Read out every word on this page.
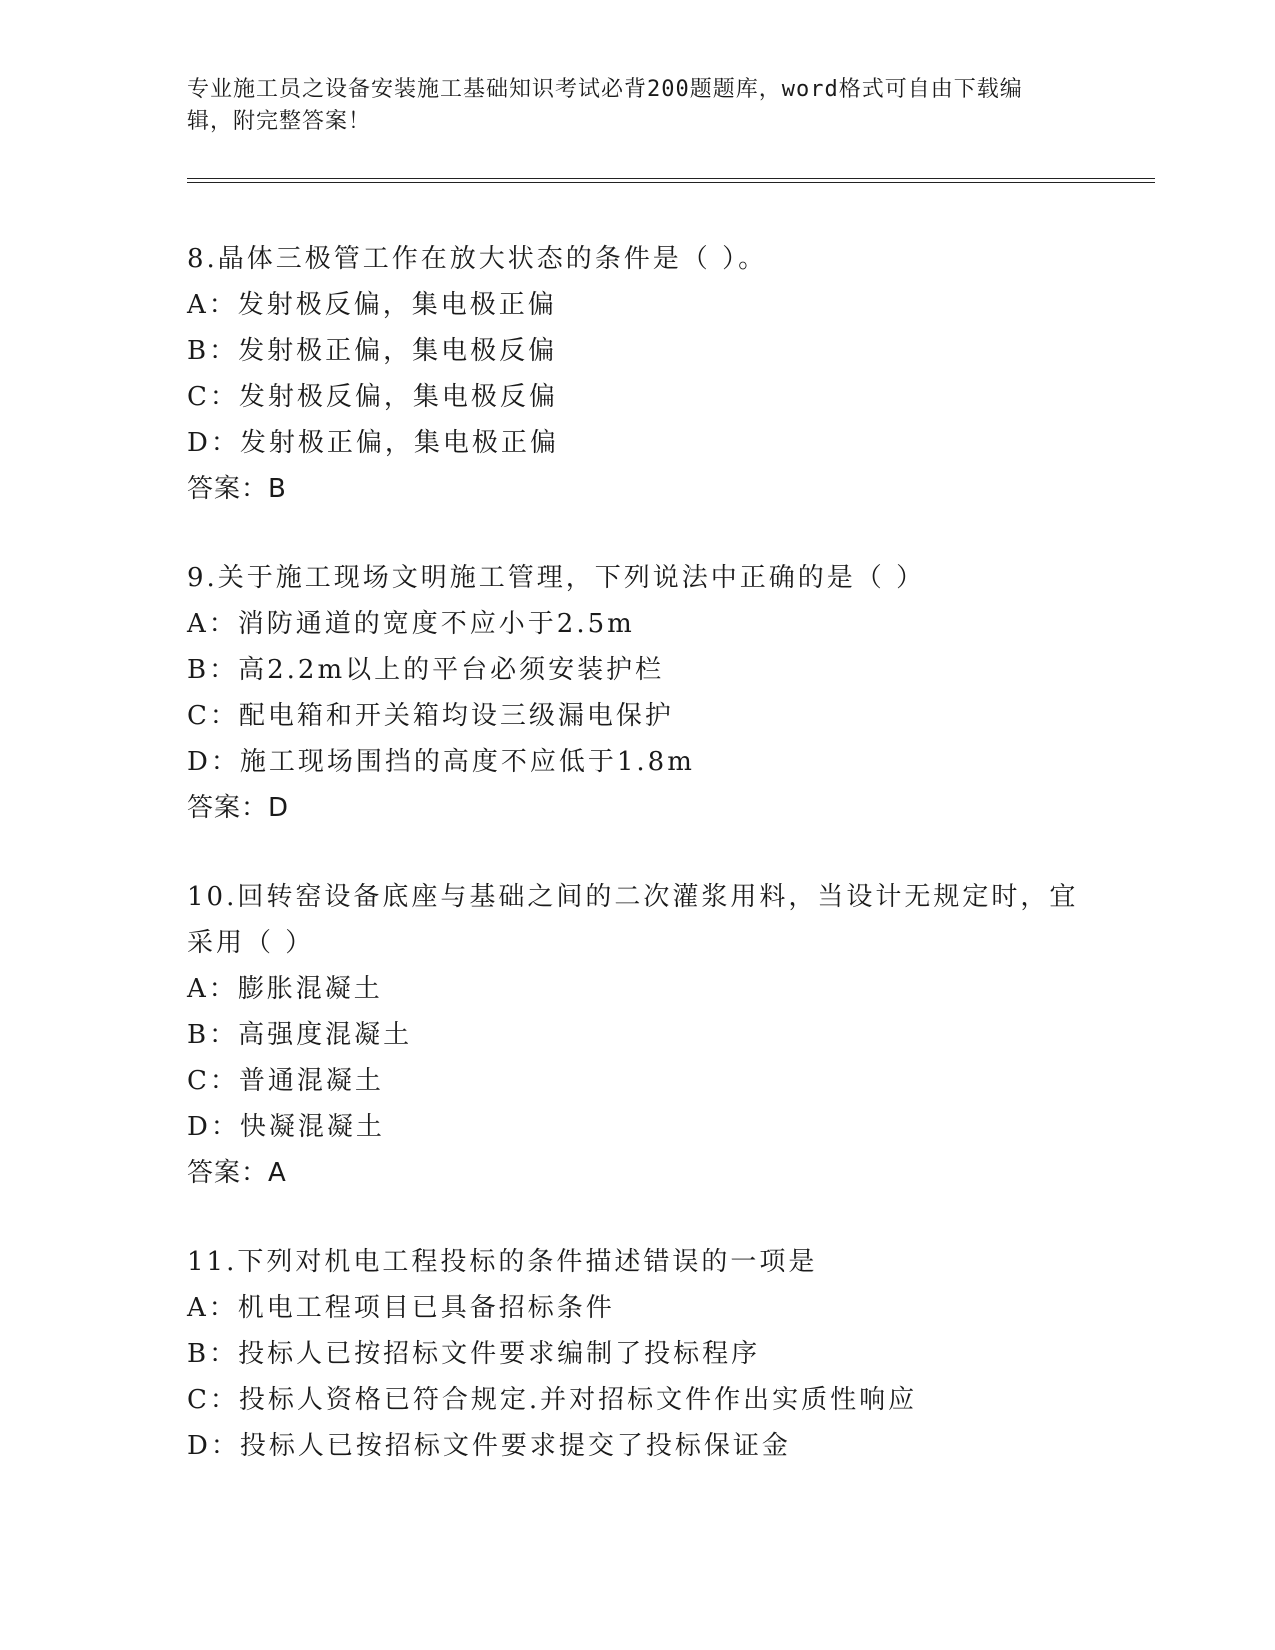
专业施工员之设备安装施工基础知识考试必背200题题库，word格式可自由下载编辑，附完整答案！

8.晶体三极管工作在放大状态的条件是（ ）。

A：发射极反偏，集电极正偏

B：发射极正偏，集电极反偏

C：发射极反偏，集电极反偏

D：发射极正偏，集电极正偏

答案：B

9.关于施工现场文明施工管理，下列说法中正确的是（ ）

A：消防通道的宽度不应小于2.5m

B：高2.2m以上的平台必须安装护栏

C：配电箱和开关箱均设三级漏电保护

D：施工现场围挡的高度不应低于1.8m

答案：D

10.回转窑设备底座与基础之间的二次灌浆用料，当设计无规定时，宜采用（ ）

A：膨胀混凝土

B：高强度混凝土

C：普通混凝土

D：快凝混凝土

答案：A

11.下列对机电工程投标的条件描述错误的一项是

A：机电工程项目已具备招标条件

B：投标人已按招标文件要求编制了投标程序

C：投标人资格已符合规定.并对招标文件作出实质性响应

D：投标人已按招标文件要求提交了投标保证金
